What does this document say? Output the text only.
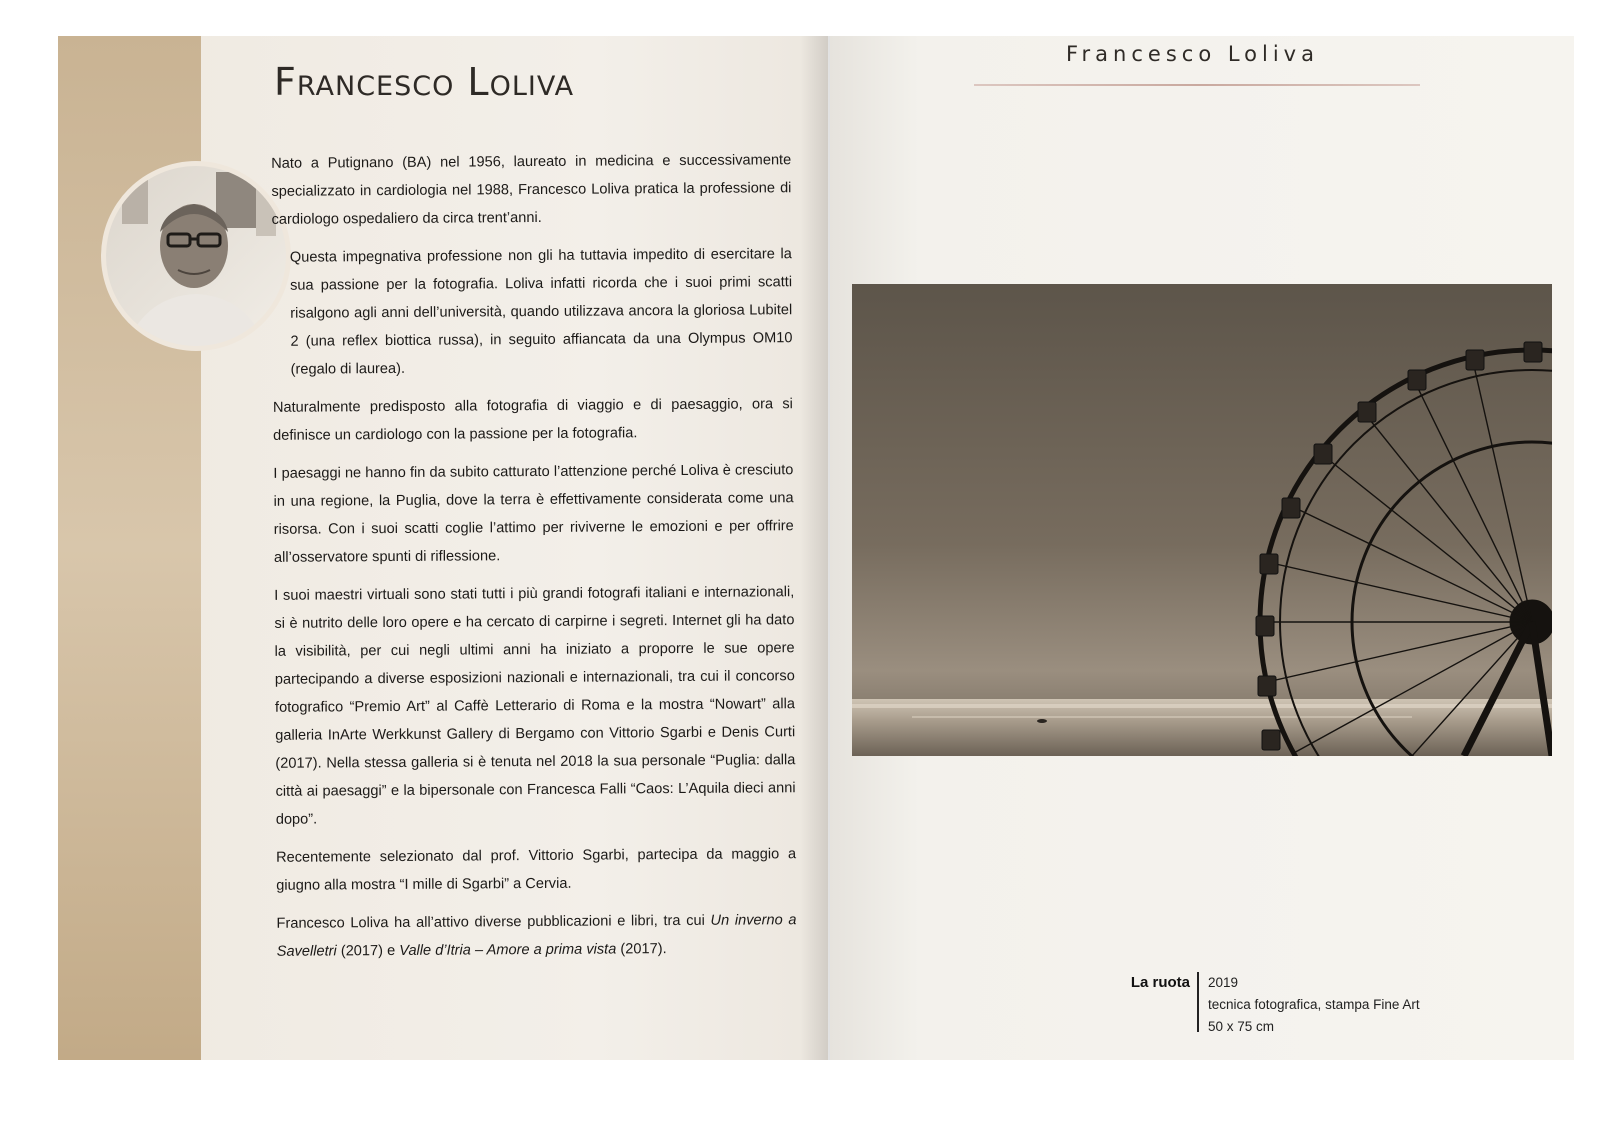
Francesco Loliva

Nato a Putignano (BA) nel 1956, laureato in medicina e successivamente specializzato in cardiologia nel 1988, Francesco Loliva pratica la professione di cardiologo ospedaliero da circa trent’anni.

Questa impegnativa professione non gli ha tuttavia impedito di esercitare la sua passione per la fotografia. Loliva infatti ricorda che i suoi primi scatti risalgono agli anni dell’università, quando utilizzava ancora la gloriosa Lubitel 2 (una reflex biottica russa), in seguito affiancata da una Olympus OM10 (regalo di laurea).

Naturalmente predisposto alla fotografia di viaggio e di paesaggio, ora si definisce un cardiologo con la passione per la fotografia.

I paesaggi ne hanno fin da subito catturato l’attenzione perché Loliva è cresciuto in una regione, la Puglia, dove la terra è effettivamente considerata come una risorsa. Con i suoi scatti coglie l’attimo per riviverne le emozioni e per offrire all’osservatore spunti di riflessione.

I suoi maestri virtuali sono stati tutti i più grandi fotografi italiani e internazionali, si è nutrito delle loro opere e ha cercato di carpirne i segreti. Internet gli ha dato la visibilità, per cui negli ultimi anni ha iniziato a proporre le sue opere partecipando a diverse esposizioni nazionali e internazionali, tra cui il concorso fotografico “Premio Art” al Caffè Letterario di Roma e la mostra “Nowart” alla galleria InArte Werkkunst Gallery di Bergamo con Vittorio Sgarbi e Denis Curti (2017). Nella stessa galleria si è tenuta nel 2018 la sua personale “Puglia: dalla città ai paesaggi” e la bipersonale con Francesca Falli “Caos: L’Aquila dieci anni dopo”.

Recentemente selezionato dal prof. Vittorio Sgarbi, partecipa da maggio a giugno alla mostra “I mille di Sgarbi” a Cervia.

Francesco Loliva ha all’attivo diverse pubblicazioni e libri, tra cui Un inverno a Savelletri (2017) e Valle d’Itria – Amore a prima vista (2017).

Francesco Loliva
La ruota 2019
tecnica fotografica, stampa Fine Art
50 x 75 cm
